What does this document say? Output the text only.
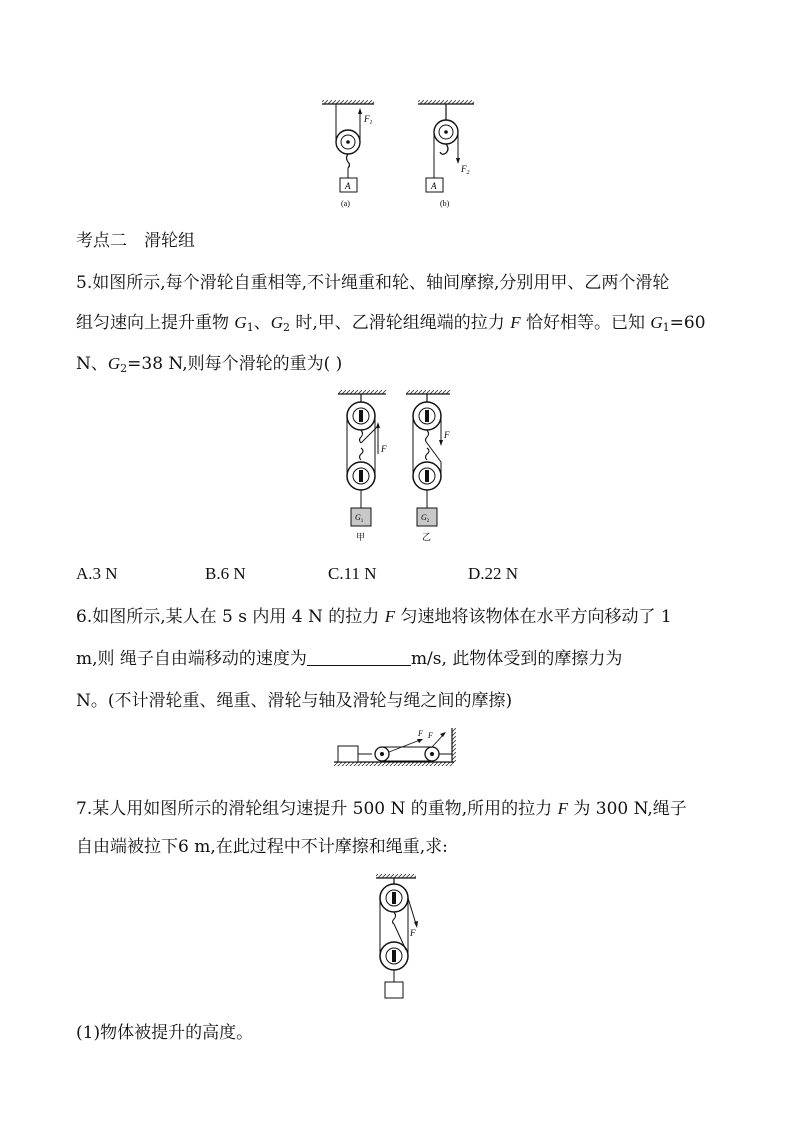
$F_1$
A
(a)
$F_2$
A
(b)
考点二　滑轮组
5.如图所示,每个滑轮自重相等,不计绳重和轮、轴间摩擦,分别用甲、乙两个滑轮
组匀速向上提升重物 $G_1$、$G_2$ 时,甲、乙滑轮组绳端的拉力 F 恰好相等。已知 $G_1=60$
N、$G_2=38$ N,则每个滑轮的重为( )
F
$G_1$
甲
F
$G_2$
乙
A.3 N	B.6 N	C.11 N	D.22 N
6.如图所示,某人在 5 s 内用 4 N 的拉力 F 匀速地将该物体在水平方向移动了 1
m,则 绳子自由端移动的速度为	m/s, 此物体受到的摩擦力为
N。(不计滑轮重、绳重、滑轮与轴及滑轮与绳之间的摩擦)
F F
7.某人用如图所示的滑轮组匀速提升 500 N 的重物,所用的拉力 F 为 300 N,绳子
自由端被拉下6 m,在此过程中不计摩擦和绳重,求:
F
(1)物体被提升的高度。
